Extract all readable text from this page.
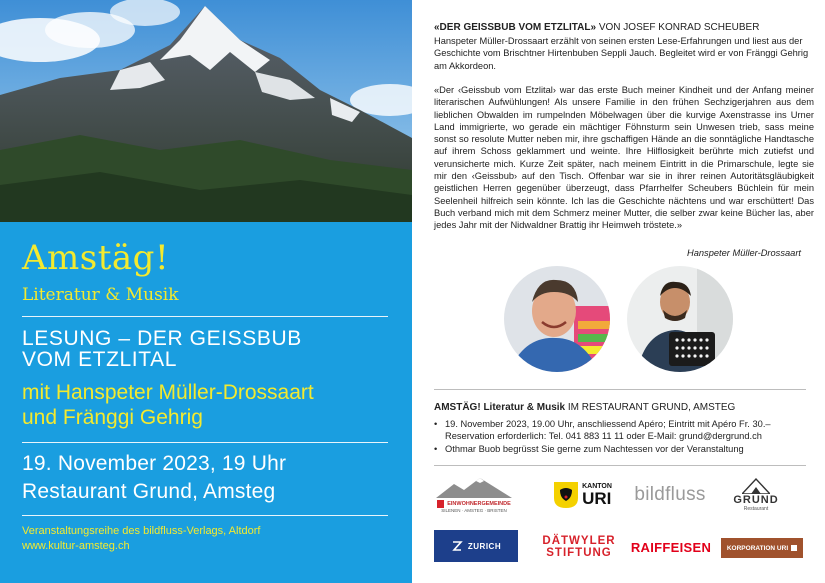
Amstäg!
Literatur & Musik
LESUNG – DER GEISSBUB
VOM ETZLITAL
mit Hanspeter Müller-Drossaart
und Fränggi Gehrig
19. November 2023, 19 Uhr
Restaurant Grund, Amsteg
Veranstaltungsreihe des bildfluss-Verlags, Altdorf
www.kultur-amsteg.ch
«DER GEISSBUB VOM ETZLITAL» VON JOSEF KONRAD SCHEUBER
Hanspeter Müller-Drossaart erzählt von seinen ersten Lese-Erfahrungen und liest aus der Geschichte vom Brischtner Hirtenbuben Seppli Jauch. Begleitet wird er von Fränggi Gehrig am Akkordeon.
«Der ‹Geissbub vom Etzlital› war das erste Buch meiner Kindheit und der Anfang meiner literarischen Aufwühlungen! Als unsere Familie in den frühen Sechzigerjahren aus dem lieblichen Obwalden im rumpelnden Möbelwagen über die kurvige Axenstrasse ins Urner Land immigrierte, wo gerade ein mächtiger Föhnsturm sein Unwesen trieb, sass meine sonst so resolute Mutter neben mir, ihre gschaffigen Hände an die sonntägliche Handtasche auf ihrem Schoss geklammert und weinte. Ihre Hilflosigkeit berührte mich zutiefst und verunsicherte mich. Kurze Zeit später, nach meinem Eintritt in die Primarschule, legte sie mir den ‹Geissbub› auf den Tisch. Offenbar war sie in ihrer reinen Autoritätsgläubigkeit geistlichen Herren gegenüber überzeugt, dass Pfarrhelfer Scheubers Büchlein für mein Seelenheil hilfreich sein könnte. Ich las die Geschichte nächtens und war erschüttert! Das Buch verband mich mit dem Schmerz meiner Mutter, die selber zwar keine Bücher las, aber jedes Jahr mit der Nidwaldner Brattig ihr Heimweh tröstete.»
Hanspeter Müller-Drossaart
AMSTÄG! Literatur & Musik IM RESTAURANT GRUND, AMSTEG
• 19. November 2023, 19.00 Uhr, anschliessend Apéro; Eintritt mit Apéro Fr. 30.– Reservation erforderlich: Tel. 041 883 11 11 oder E-Mail: grund@dergrund.ch
• Othmar Buob begrüsst Sie gerne zum Nachtessen vor der Veranstaltung
EINWOHNERGEMEINDE
SILENEN · AMSTEG · BRISTEN
KANTON
URI bildfluss	GRUND
Restaurant
ZURICH	DÄTWYLER
STIFTUNG RAIFFEISEN KORPORATION URI
